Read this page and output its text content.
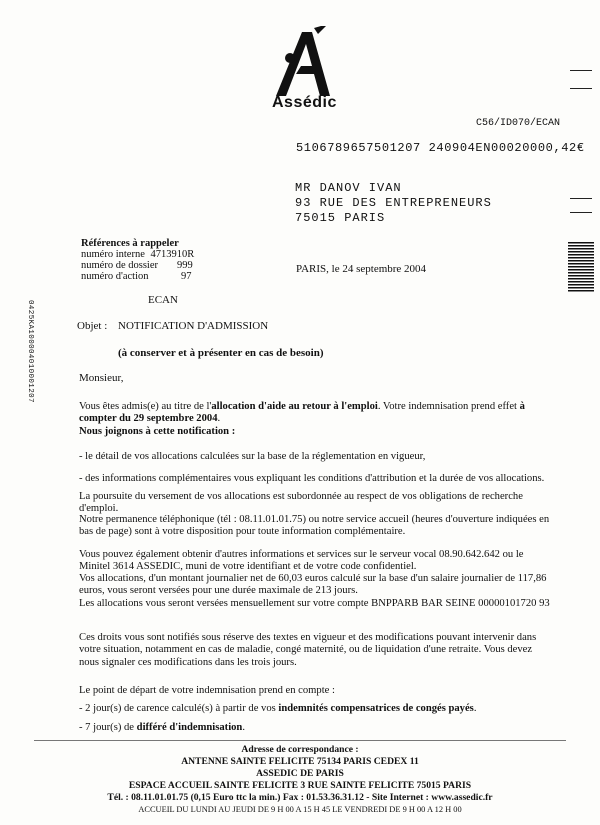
Assédic
C56/ID070/ECAN
5106789657501207 240904EN00020000,42€
MR DANOV IVAN
93 RUE DES ENTREPRENEURS
75015 PARIS
Références à rappeler
numéro interne 4713910R
numéro de dossier 999
numéro d'action	97
PARIS, le 24 septembre 2004
0425KA100004010001207	ECAN
Objet : NOTIFICATION D'ADMISSION
(à conserver et à présenter en cas de besoin)
Monsieur,
Vous êtes admis(e) au titre de l'allocation d'aide au retour à l'emploi. Votre indemnisation prend effet à compter du 29 septembre 2004.
Nous joignons à cette notification :
- le détail de vos allocations calculées sur la base de la réglementation en vigueur,
- des informations complémentaires vous expliquant les conditions d'attribution et la durée de vos allocations.
La poursuite du versement de vos allocations est subordonnée au respect de vos obligations de recherche d'emploi.
Notre permanence téléphonique (tél : 08.11.01.01.75) ou notre service accueil (heures d'ouverture indiquées en bas de page) sont à votre disposition pour toute information complémentaire.
Vous pouvez également obtenir d'autres informations et services sur le serveur vocal 08.90.642.642 ou le Minitel 3614 ASSEDIC, muni de votre identifiant et de votre code confidentiel.
Vos allocations, d'un montant journalier net de 60,03 euros calculé sur la base d'un salaire journalier de 117,86 euros, vous seront versées pour une durée maximale de 213 jours.
Les allocations vous seront versées mensuellement sur votre compte BNPPARB BAR SEINE 00000101720 93
Ces droits vous sont notifiés sous réserve des textes en vigueur et des modifications pouvant intervenir dans votre situation, notamment en cas de maladie, congé maternité, ou de liquidation d'une retraite. Vous devez nous signaler ces modifications dans les trois jours.
Le point de départ de votre indemnisation prend en compte :
- 2 jour(s) de carence calculé(s) à partir de vos indemnités compensatrices de congés payés.
- 7 jour(s) de différé d'indemnisation.
Adresse de correspondance :
ANTENNE SAINTE FELICITE 75134 PARIS CEDEX 11
ASSEDIC DE PARIS
ESPACE ACCUEIL SAINTE FELICITE 3 RUE SAINTE FELICITE 75015 PARIS
Tél. : 08.11.01.01.75 (0,15 Euro ttc la min.) Fax : 01.53.36.31.12 - Site Internet : www.assedic.fr
ACCUEIL DU LUNDI AU JEUDI DE 9 H 00 A 15 H 45 LE VENDREDI DE 9 H 00 A 12 H 00
